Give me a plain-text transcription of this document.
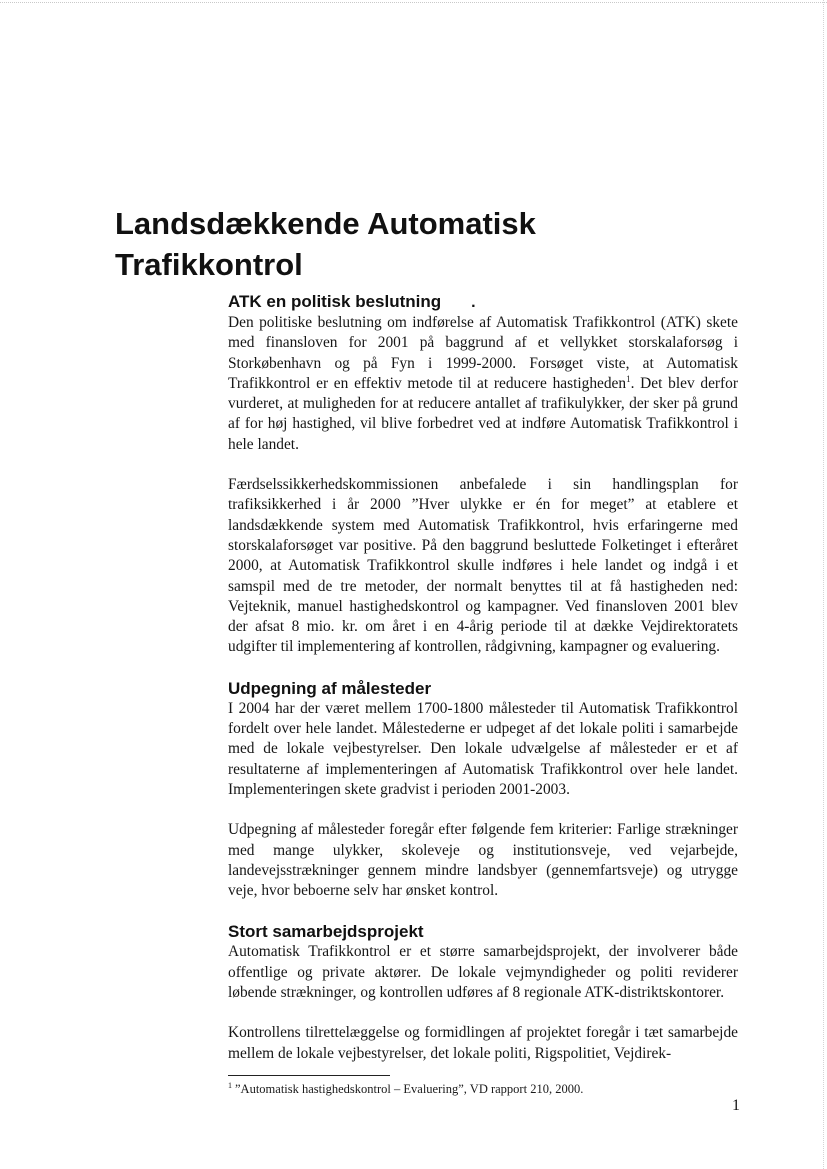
Landsdækkende Automatisk Trafikkontrol
ATK en politisk beslutning .

Den politiske beslutning om indførelse af Automatisk Trafikkontrol (ATK) skete med finansloven for 2001 på baggrund af et vellykket storskalaforsøg i Storkøbenhavn og på Fyn i 1999-2000. Forsøget viste, at Automatisk Trafikkontrol er en effektiv metode til at reducere hastigheden$^1$. Det blev derfor vurderet, at muligheden for at reducere antallet af trafikulykker, der sker på grund af for høj hastighed, vil blive forbedret ved at indføre Automatisk Trafikkontrol i hele landet.

Færdselssikkerhedskommissionen anbefalede i sin handlingsplan for trafiksikkerhed i år 2000 ”Hver ulykke er én for meget” at etablere et landsdækkende system med Automatisk Trafikkontrol, hvis erfaringerne med storskalaforsøget var positive. På den baggrund besluttede Folketinget i efteråret 2000, at Automatisk Trafikkontrol skulle indføres i hele landet og indgå i et samspil med de tre metoder, der normalt benyttes til at få hastigheden ned: Vejteknik, manuel hastighedskontrol og kampagner. Ved finansloven 2001 blev der afsat 8 mio. kr. om året i en 4-årig periode til at dække Vejdirektoratets udgifter til implementering af kontrollen, rådgivning, kampagner og evaluering.

Udpegning af målesteder

I 2004 har der været mellem 1700-1800 målesteder til Automatisk Trafikkontrol fordelt over hele landet. Målestederne er udpeget af det lokale politi i samarbejde med de lokale vejbestyrelser. Den lokale udvælgelse af målesteder er et af resultaterne af implementeringen af Automatisk Trafikkontrol over hele landet. Implementeringen skete gradvist i perioden 2001-2003.

Udpegning af målesteder foregår efter følgende fem kriterier: Farlige strækninger med mange ulykker, skoleveje og institutionsveje, ved vejarbejde, landevejsstrækninger gennem mindre landsbyer (gennemfartsveje) og utrygge veje, hvor beboerne selv har ønsket kontrol.

Stort samarbejdsprojekt

Automatisk Trafikkontrol er et større samarbejdsprojekt, der involverer både offentlige og private aktører. De lokale vejmyndigheder og politi reviderer løbende strækninger, og kontrollen udføres af 8 regionale ATK-distriktskontorer.

Kontrollens tilrettelæggelse og formidlingen af projektet foregår i tæt samarbejde mellem de lokale vejbestyrelser, det lokale politi, Rigspolitiet, Vejdirek-

$^1$ ”Automatisk hastighedskontrol – Evaluering”, VD rapport 210, 2000.
1
